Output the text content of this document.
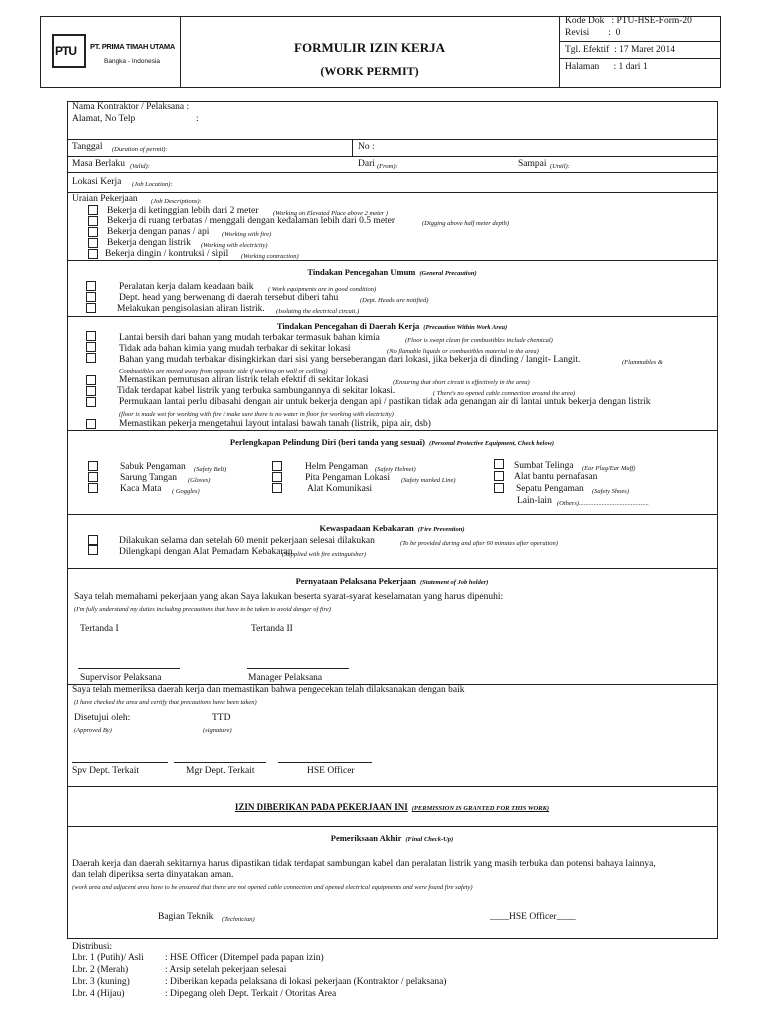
PTU PT. PRIMA TIMAH UTAMA
Bangka - Indonesia
FORMULIR IZIN KERJA
(WORK PERMIT)
Kode Dok   : PTU-HSE-Form-20
Revisi        :  0
Tgl. Efektif  : 17 Maret 2014
Halaman      : 1 dari 1
Nama Kontraktor / Pelaksana :
Alamat, No Telp	:
Tanggal (Duration of permit):	No :
Masa Berlaku (Valid):	Dari (From):	Sampai (Until):
Lokasi Kerja (Job Location):
Uraian Pekerjaan (Job Descriptions):
Bekerja di ketinggian lebih dari 2 meter (Working on Elevated Place above 2 meter )
Bekerja di ruang terbatas / menggali dengan kedalaman lebih dari 0.5 meter	(Digging above half meter depth)
Bekerja dengan panas / api (Working with fire)
Bekerja dengan listrik (Working with electricity)
Bekerja dingin / kontruksi / sipil (Working contraction)
Tindakan Pencegahan Umum (General Precaution)
Peralatan kerja dalam keadaan baik ( Work equipments are in good condition)
Dept. head yang berwenang di daerah tersebut diberi tahu	(Dept. Heads are notified)
Melakukan pengisolasian aliran listrik. (Isolating the electrical circuit.)
Tindakan Pencegahan di Daerah Kerja (Precaution Within Work Area)
Lantai bersih dari bahan yang mudah terbakar termasuk bahan kimia	(Floor is swept clean for combustibles include chemical)
Tidak ada bahan kimia yang mudah terbakar di sekitar lokasi	(No flamable liquids or combustibles material in the area)
Bahan yang mudah terbakar disingkirkan dari sisi yang berseberangan dari lokasi, jika bekerja di dinding / langit- Langit.	(Flammables &
Combustibles are moved away from opposite side if working on wall or ceilling)
Memastikan pemutusan aliran listrik telah efektif di sekitar lokasi	(Ensuring that short circuit is effectively in the area)
Tidak terdapat kabel listrik yang terbuka sambungannya di sekitar lokasi.	( There's no opened cable connection around the area)
Permukaan lantai perlu dibasahi dengan air untuk bekerja dengan api / pastikan tidak ada genangan air di lantai untuk bekerja dengan listrik
(floor is made wet for working with fire / make sure there is no water in floor for working with electricity)
Memastikan pekerja mengetahui layout intalasi bawah tanah (listrik, pipa air, dsb)
Perlengkapan Pelindung Diri (beri tanda yang sesuai) (Personal Protective Equipment, Check below)
Sabuk Pengaman (Safety Belt)
Sarung Tangan (Gloves)
Kaca Mata ( Goggles)
Helm Pengaman (Safety Helmet)
Pita Pengaman Lokasi (Safety marked Line)
Alat Komunikasi
Sumbat Telinga (Ear Plug/Ear Muff)
Alat bantu pernafasan
Sepatu Pengaman (Safety Shoes)
Lain-lain (Others)...........................................
Kewaspadaan Kebakaran (Fire Prevention)
Dilakukan selama dan setelah 60 menit pekerjaan selesai dilakukan	(To be provided during and after 60 minutes after operation)
Dilengkapi dengan Alat Pemadam Kebakaran
(Supplied with fire extinguisher)
Pernyataan Pelaksana Pekerjaan (Statement of Job holder)
Saya telah memahami pekerjaan yang akan Saya lakukan beserta syarat-syarat keselamatan yang harus dipenuhi:
(I'm fully understand my duties including precautions that have to be taken to avoid danger of fire)
Tertanda I	Tertanda II
Supervisor Pelaksana	Manager Pelaksana
Saya telah memeriksa daerah kerja dan memastikan bahwa pengecekan telah dilaksanakan dengan baik
(I have checked the area and certify that precautions have been taken)
Disetujui oleh:
(Approved By)
TTD
(signature)
Spv Dept. Terkait	Mgr Dept. Terkait	HSE Officer
IZIN DIBERIKAN PADA PEKERJAAN INI (PERMISSION IS GRANTED FOR THIS WORK)
Pemeriksaan Akhir (Final Check-Up)
Daerah kerja dan daerah sekitarnya harus dipastikan tidak terdapat sambungan kabel dan peralatan listrik yang masih terbuka dan potensi bahaya lainnya,
dan telah diperiksa serta dinyatakan aman.
(work area and adjacent area have to be ensured that there are not opened cable connection and opened electrical equipments and were found fire safety)
Bagian Teknik (Technician)	____HSE Officer____
Distribusi:
Lbr. 1 (Putih)/ Asli : HSE Officer (Ditempel pada papan izin)
Lbr. 2 (Merah)	: Arsip setelah pekerjaan selesai
Lbr. 3 (kuning)	: Diberikan kepada pelaksana di lokasi pekerjaan (Kontraktor / pelaksana)
Lbr. 4 (Hijau)	: Dipegang oleh Dept. Terkait / Otoritas Area
